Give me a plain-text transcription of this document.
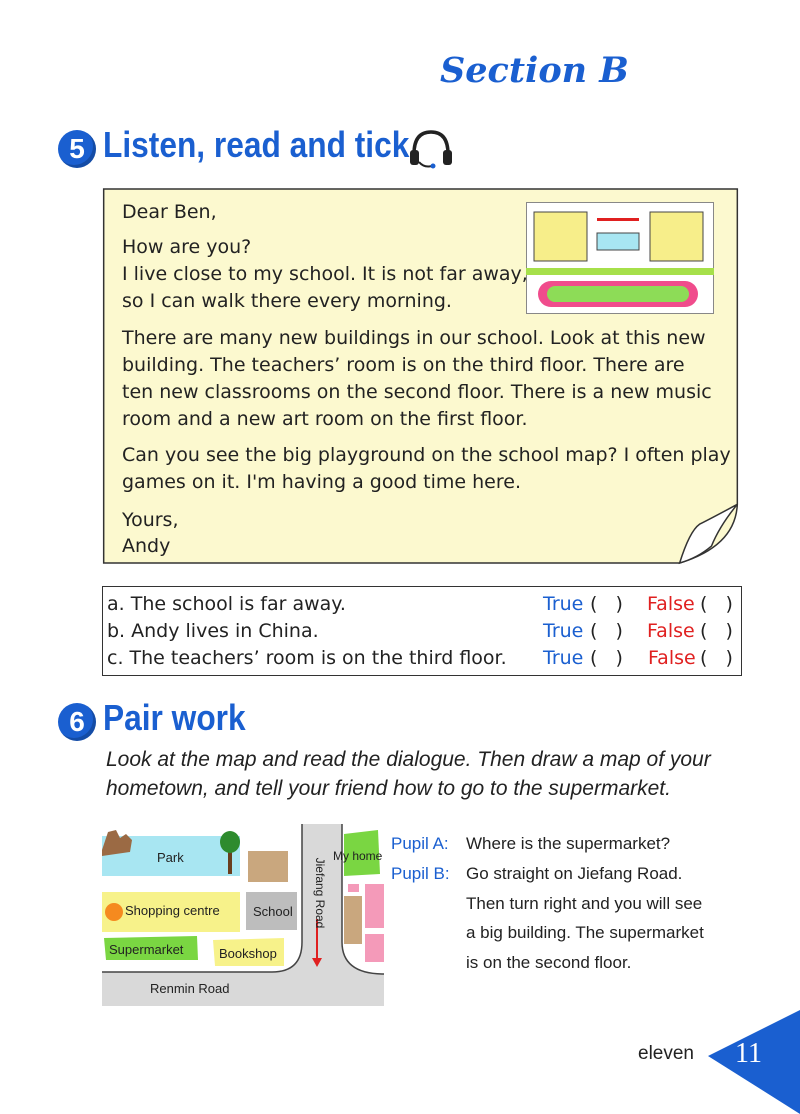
Section B
5 Listen, read and tick

Dear Ben,

How are you?

I live close to my school. It is not far away,

so I can walk there every morning.

There are many new buildings in our school. Look at this new

building. The teachers’ room is on the third floor. There are

ten new classrooms on the second floor. There is a new music

room and a new art room on the first floor.

Can you see the big playground on the school map? I often play

games on it. I'm having a good time here.

Yours,

Andy

a. The school is far away.	True (   ) False (   )
b. Andy lives in China.	True (   ) False (   )
c. The teachers’ room is on the third floor. True (   ) False (   )
6 Pair work
Look at the map and read the dialogue. Then draw a map of your
hometown, and tell your friend how to go to the supermarket.
Park	My home
Jiefang Road
Shopping centre	School
Supermarket	Bookshop
Renmin Road
Pupil A: Where is the supermarket?
Pupil B: Go straight on Jiefang Road.
Then turn right and you will see
a big building. The supermarket
is on the second floor.
eleven 11
